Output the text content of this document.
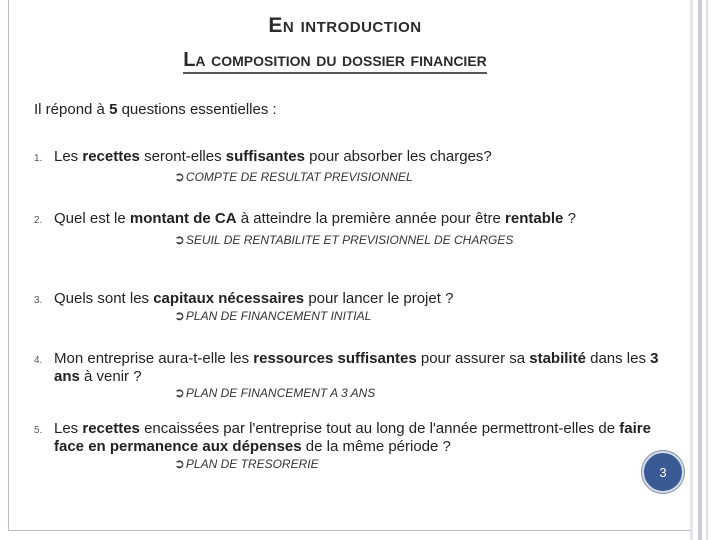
En introduction
La composition du dossier financier
Il répond à 5 questions essentielles :
1. Les recettes seront-elles suffisantes pour absorber les charges?
➲COMPTE DE RESULTAT PREVISIONNEL
2. Quel est le montant de CA à atteindre la première année pour être rentable ?
➲SEUIL DE RENTABILITE ET PREVISIONNEL DE CHARGES
3. Quels sont les capitaux nécessaires pour lancer le projet ?
➲PLAN DE FINANCEMENT INITIAL
4. Mon entreprise aura-t-elle les ressources suffisantes pour assurer sa stabilité dans les 3 ans à venir ?
➲PLAN DE FINANCEMENT A 3 ANS
5. Les recettes encaissées par l'entreprise tout au long de l'année permettront-elles de faire face en permanence aux dépenses de la même période ?
➲PLAN DE TRESORERIE
3
